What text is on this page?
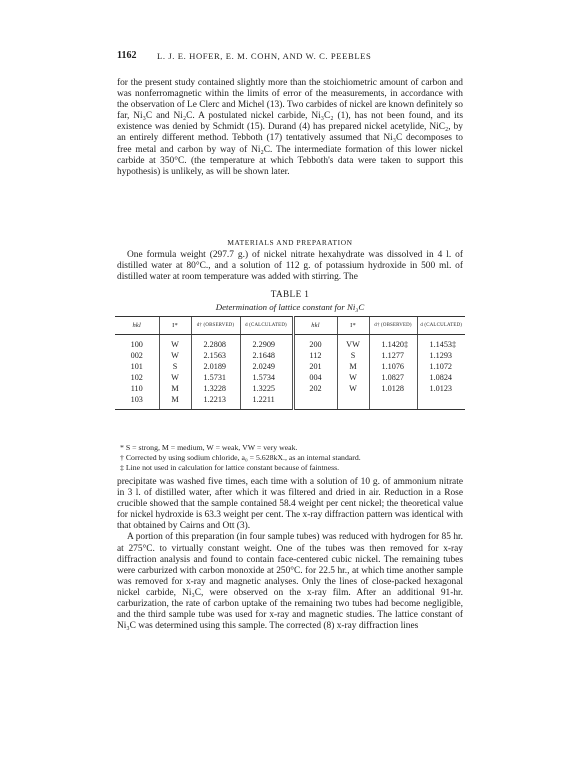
1162 L. J. E. HOFER, E. M. COHN, AND W. C. PEEBLES

for the present study contained slightly more than the stoichiometric amount of carbon and was nonferromagnetic within the limits of error of the measurements, in accordance with the observation of Le Clerc and Michel (13). Two carbides of nickel are known definitely so far, Ni₃C and Ni₂C. A postulated nickel carbide, Ni₃C₂ (1), has not been found, and its existence was denied by Schmidt (15). Durand (4) has prepared nickel acetylide, NiC₂, by an entirely different method. Tebboth (17) tentatively assumed that Ni₃C decomposes to free metal and carbon by way of Ni₂C. The intermediate formation of this lower nickel carbide at 350°C. (the temperature at which Tebboth's data were taken to support this hypothesis) is unlikely, as will be shown later.

MATERIALS AND PREPARATION

One formula weight (297.7 g.) of nickel nitrate hexahydrate was dissolved in 4 l. of distilled water at 80°C., and a solution of 112 g. of potassium hydroxide in 500 ml. of distilled water at room temperature was added with stirring. The

TABLE 1
Determination of lattice constant for Ni₃C
hkl	I*	d† (OBSERVED)	d (CALCULATED)	hkl	I*	d† (OBSERVED)	d (CALCULATED)
100	W	2.2808	2.2909	200	VW	1.1420‡	1.1453‡
002	W	2.1563	2.1648	112	S	1.1277	1.1293
101	S	2.0189	2.0249	201	M	1.1076	1.1072
102	W	1.5731	1.5734	004	W	1.0827	1.0824
110	M	1.3228	1.3225	202	W	1.0128	1.0123
103	M	1.2213	1.2211				
* S = strong, M = medium, W = weak, VW = very weak.
† Corrected by using sodium chloride, a₀ = 5.628kX., as an internal standard.
‡ Line not used in calculation for lattice constant because of faintness.

precipitate was washed five times, each time with a solution of 10 g. of ammonium nitrate in 3 l. of distilled water, after which it was filtered and dried in air. Reduction in a Rose crucible showed that the sample contained 58.4 weight per cent nickel; the theoretical value for nickel hydroxide is 63.3 weight per cent. The x-ray diffraction pattern was identical with that obtained by Cairns and Ott (3).

A portion of this preparation (in four sample tubes) was reduced with hydrogen for 85 hr. at 275°C. to virtually constant weight. One of the tubes was then removed for x-ray diffraction analysis and found to contain face-centered cubic nickel. The remaining tubes were carburized with carbon monoxide at 250°C. for 22.5 hr., at which time another sample was removed for x-ray and magnetic analyses. Only the lines of close-packed hexagonal nickel carbide, Ni₃C, were observed on the x-ray film. After an additional 91-hr. carburization, the rate of carbon uptake of the remaining two tubes had become negligible, and the third sample tube was used for x-ray and magnetic studies. The lattice constant of Ni₃C was determined using this sample. The corrected (8) x-ray diffraction lines
